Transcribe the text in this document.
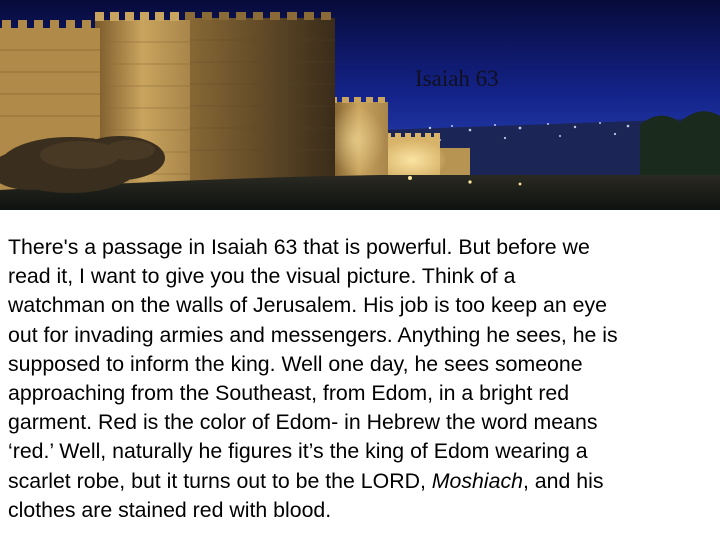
Isaiah 63

There's a passage in Isaiah 63 that is powerful. But before we
read it, I want to give you the visual picture. Think of a
watchman on the walls of Jerusalem. His job is too keep an eye
out for invading armies and messengers. Anything he sees, he is
supposed to inform the king. Well one day, he sees someone
approaching from the Southeast, from Edom, in a bright red
garment. Red is the color of Edom- in Hebrew the word means
‘red.’ Well, naturally he figures it’s the king of Edom wearing a
scarlet robe, but it turns out to be the LORD, Moshiach, and his
clothes are stained red with blood.
